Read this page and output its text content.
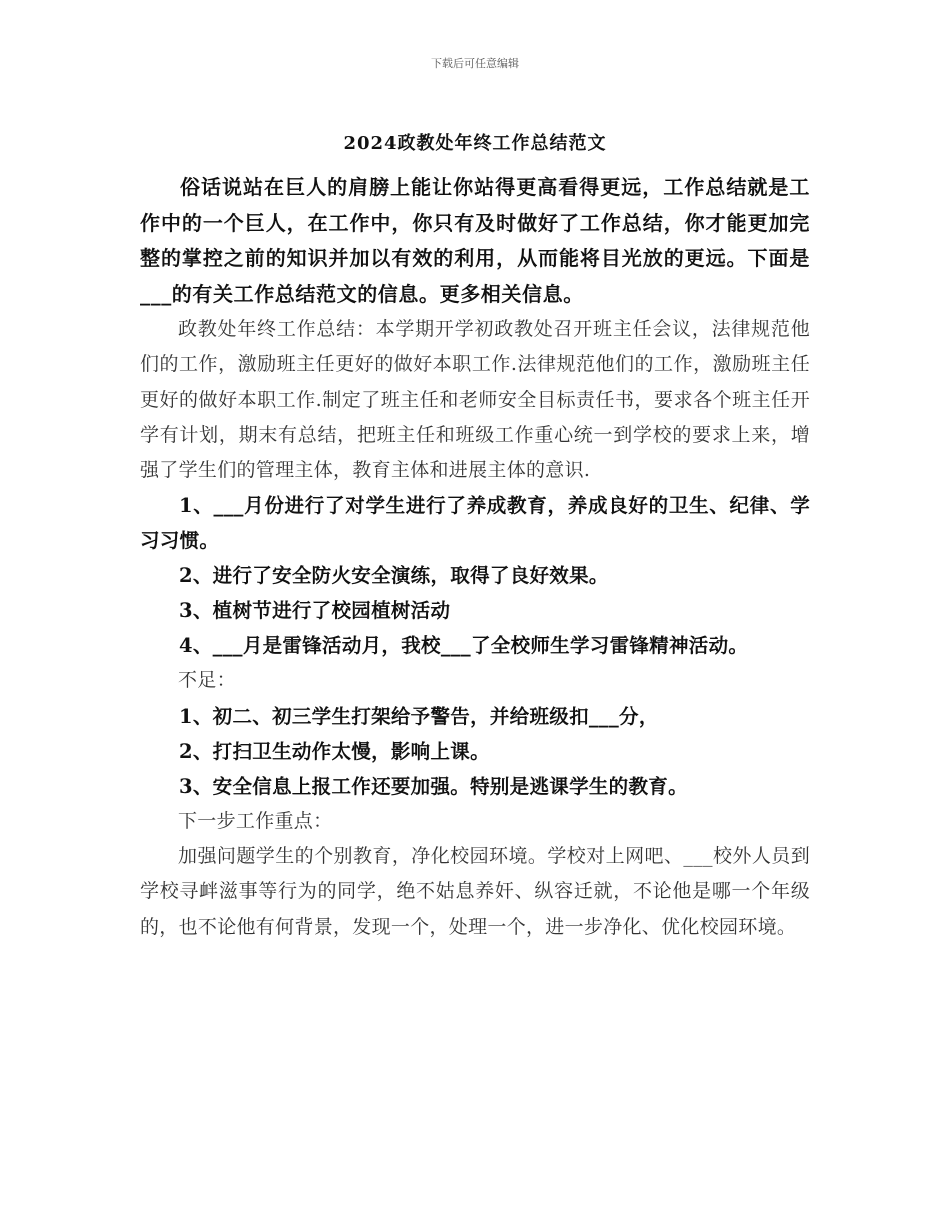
下载后可任意编辑
2024政教处年终工作总结范文

俗话说站在巨人的肩膀上能让你站得更高看得更远，工作总结就是工作中的一个巨人，在工作中，你只有及时做好了工作总结，你才能更加完整的掌控之前的知识并加以有效的利用，从而能将目光放的更远。下面是___的有关工作总结范文的信息。更多相关信息。

政教处年终工作总结：本学期开学初政教处召开班主任会议，法律规范他们的工作，激励班主任更好的做好本职工作.法律规范他们的工作，激励班主任更好的做好本职工作.制定了班主任和老师安全目标责任书，要求各个班主任开学有计划，期末有总结，把班主任和班级工作重心统一到学校的要求上来，增强了学生们的管理主体，教育主体和进展主体的意识.

1、___月份进行了对学生进行了养成教育，养成良好的卫生、纪律、学习习惯。

2、进行了安全防火安全演练，取得了良好效果。

3、植树节进行了校园植树活动

4、___月是雷锋活动月，我校___了全校师生学习雷锋精神活动。

不足：

1、初二、初三学生打架给予警告，并给班级扣___分，

2、打扫卫生动作太慢，影响上课。

3、安全信息上报工作还要加强。特别是逃课学生的教育。

下一步工作重点：

加强问题学生的个别教育，净化校园环境。学校对上网吧、___校外人员到学校寻衅滋事等行为的同学，绝不姑息养奸、纵容迁就，不论他是哪一个年级的，也不论他有何背景，发现一个，处理一个，进一步净化、优化校园环境。
